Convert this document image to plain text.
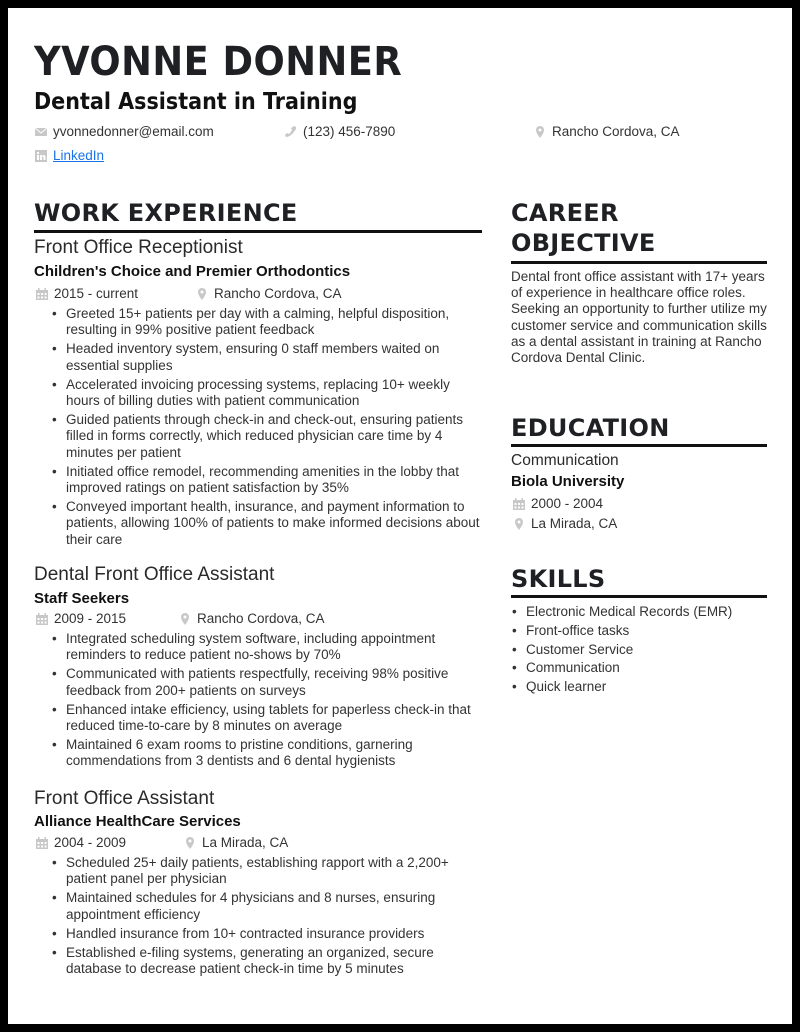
YVONNE DONNER
Dental Assistant in Training
yvonnedonner@email.com	(123) 456-7890	Rancho Cordova, CA
LinkedIn
WORK EXPERIENCE
Front Office Receptionist
Children's Choice and Premier Orthodontics
2015 - current	Rancho Cordova, CA
• Greeted 15+ patients per day with a calming, helpful disposition, resulting in 99% positive patient feedback
• Headed inventory system, ensuring 0 staff members waited on essential supplies
• Accelerated invoicing processing systems, replacing 10+ weekly hours of billing duties with patient communication
• Guided patients through check-in and check-out, ensuring patients filled in forms correctly, which reduced physician care time by 4 minutes per patient
• Initiated office remodel, recommending amenities in the lobby that improved ratings on patient satisfaction by 35%
• Conveyed important health, insurance, and payment information to patients, allowing 100% of patients to make informed decisions about their care
Dental Front Office Assistant
Staff Seekers
2009 - 2015	Rancho Cordova, CA
• Integrated scheduling system software, including appointment reminders to reduce patient no-shows by 70%
• Communicated with patients respectfully, receiving 98% positive feedback from 200+ patients on surveys
• Enhanced intake efficiency, using tablets for paperless check-in that reduced time-to-care by 8 minutes on average
• Maintained 6 exam rooms to pristine conditions, garnering commendations from 3 dentists and 6 dental hygienists
Front Office Assistant
Alliance HealthCare Services
2004 - 2009	La Mirada, CA
• Scheduled 25+ daily patients, establishing rapport with a 2,200+ patient panel per physician
• Maintained schedules for 4 physicians and 8 nurses, ensuring appointment efficiency
• Handled insurance from 10+ contracted insurance providers
• Established e-filing systems, generating an organized, secure database to decrease patient check-in time by 5 minutes
CAREER
OBJECTIVE
Dental front office assistant with 17+ years of experience in healthcare office roles. Seeking an opportunity to further utilize my customer service and communication skills as a dental assistant in training at Rancho Cordova Dental Clinic.
EDUCATION
Communication
Biola University
2000 - 2004
La Mirada, CA
SKILLS
• Electronic Medical Records (EMR)
• Front-office tasks
• Customer Service
• Communication
• Quick learner
